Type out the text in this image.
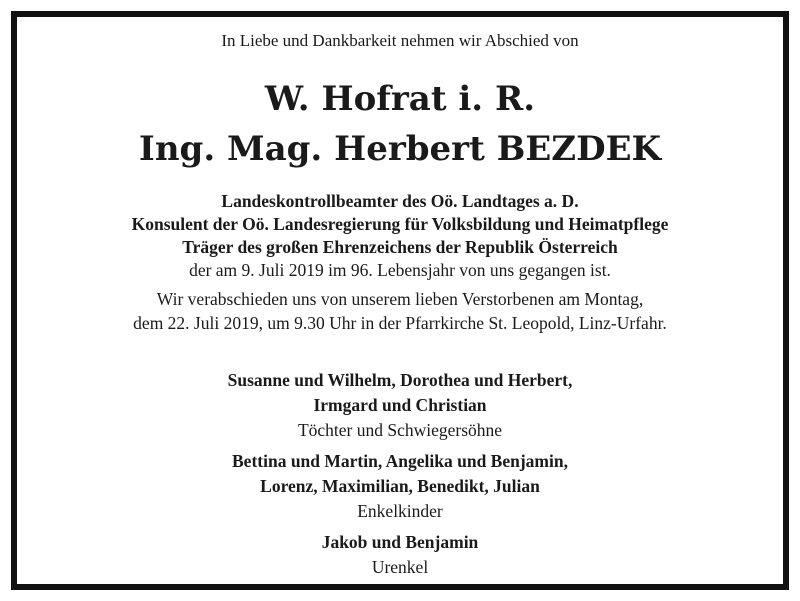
In Liebe und Dankbarkeit nehmen wir Abschied von
W. Hofrat i. R.
Ing. Mag. Herbert BEZDEK
Landeskontrollbeamter des Oö. Landtages a. D.
Konsulent der Oö. Landesregierung für Volksbildung und Heimatpflege
Träger des großen Ehrenzeichens der Republik Österreich
der am 9. Juli 2019 im 96. Lebensjahr von uns gegangen ist.
Wir verabschieden uns von unserem lieben Verstorbenen am Montag,
dem 22. Juli 2019, um 9.30 Uhr in der Pfarrkirche St. Leopold, Linz-Urfahr.
Susanne und Wilhelm, Dorothea und Herbert,
Irmgard und Christian
Töchter und Schwiegersöhne
Bettina und Martin, Angelika und Benjamin,
Lorenz, Maximilian, Benedikt, Julian
Enkelkinder
Jakob und Benjamin
Urenkel
